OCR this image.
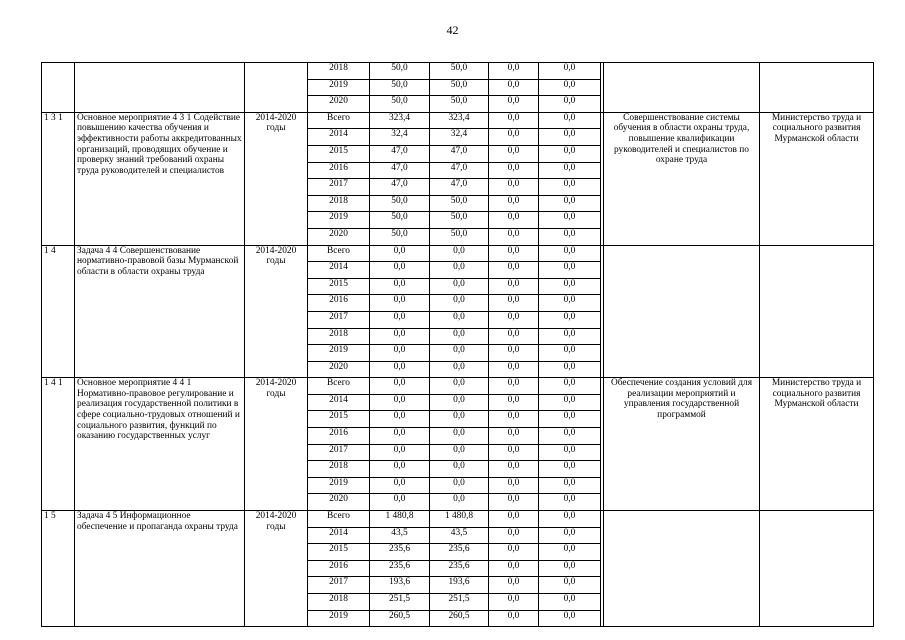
42
			2018	50,0	50,0	0,0	0,0			
			2019	50,0	50,0	0,0	0,0			
			2020	50,0	50,0	0,0	0,0			
1 3 1	Основное мероприятие 4 3 1 Содействие повышению качества обучения и эффективности работы аккредитованных организаций, проводящих обучение и проверку знаний требований охраны труда руководителей и специалистов	2014-2020 годы	Всего	323,4	323,4	0,0	0,0		Совершенствование системы обучения в области охраны труда, повышение квалификации руководителей и специалистов по охране труда	Министерство труда и социального развития Мурманской области
			2014	32,4	32,4	0,0	0,0			
			2015	47,0	47,0	0,0	0,0			
			2016	47,0	47,0	0,0	0,0			
			2017	47,0	47,0	0,0	0,0			
			2018	50,0	50,0	0,0	0,0			
			2019	50,0	50,0	0,0	0,0			
			2020	50,0	50,0	0,0	0,0			
1 4	Задача 4 4 Совершенствование нормативно-правовой базы Мурманской области в области охраны труда	2014-2020 годы	Всего	0,0	0,0	0,0	0,0			
			2014	0,0	0,0	0,0	0,0			
			2015	0,0	0,0	0,0	0,0			
			2016	0,0	0,0	0,0	0,0			
			2017	0,0	0,0	0,0	0,0			
			2018	0,0	0,0	0,0	0,0			
			2019	0,0	0,0	0,0	0,0			
			2020	0,0	0,0	0,0	0,0			
1 4 1	Основное мероприятие 4 4 1 Нормативно-правовое регулирование и реализация государственной политики в сфере социально-трудовых отношений и социального развития, функций по оказанию государственных услуг	2014-2020 годы	Всего	0,0	0,0	0,0	0,0		Обеспечение создания условий для реализации мероприятий и управления государственной программой	Министерство труда и социального развития Мурманской области
			2014	0,0	0,0	0,0	0,0			
			2015	0,0	0,0	0,0	0,0			
			2016	0,0	0,0	0,0	0,0			
			2017	0,0	0,0	0,0	0,0			
			2018	0,0	0,0	0,0	0,0			
			2019	0,0	0,0	0,0	0,0			
			2020	0,0	0,0	0,0	0,0			
1 5	Задача 4 5 Информационное обеспечение и пропаганда охраны труда	2014-2020 годы	Всего	1 480,8	1 480,8	0,0	0,0			
			2014	43,5	43,5	0,0	0,0			
			2015	235,6	235,6	0,0	0,0			
			2016	235,6	235,6	0,0	0,0			
			2017	193,6	193,6	0,0	0,0			
			2018	251,5	251,5	0,0	0,0			
			2019	260,5	260,5	0,0	0,0			
